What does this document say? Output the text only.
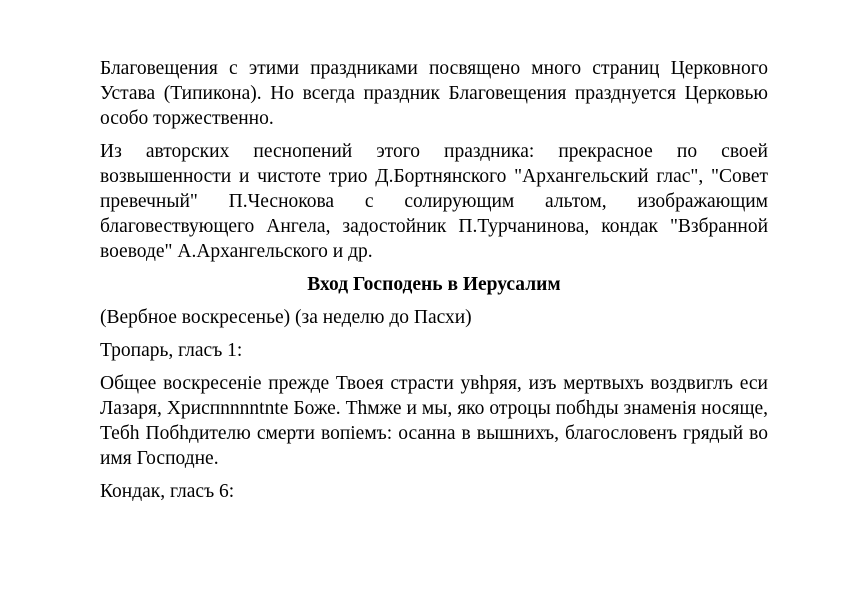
Благовещения с этими праздниками посвящено много страниц Церковного Устава (Типикона). Но всегда праздник Благовещения празднуется Церковью особо торжественно.

Из авторских песнопений этого праздника: прекрасное по своей возвышенности и чистоте трио Д.Бортнянского "Архангельский глас", "Совет превечный" П.Чеснокова с солирующим альтом, изображающим благовествующего Ангела, задостойник П.Турчанинова, кондак "Взбранной воеводе" А.Архангельского и др.

Вход Господень в Иерусалим

(Вербное воскресенье) (за неделю до Пасхи)

Тропарь, гласъ 1:

Общее воскресеніе прежде Твоея страсти увhряя, изъ мертвыхъ воздвиглъ еси Лазаря, Хриспnnnntntе Боже. Thмже и мы, яко отроцы побhды знаменія носяще, Тебh Побhдителю смерти вопіемъ: осанна в вышнихъ, благословенъ грядый во имя Господне.

Кондак, гласъ 6:
